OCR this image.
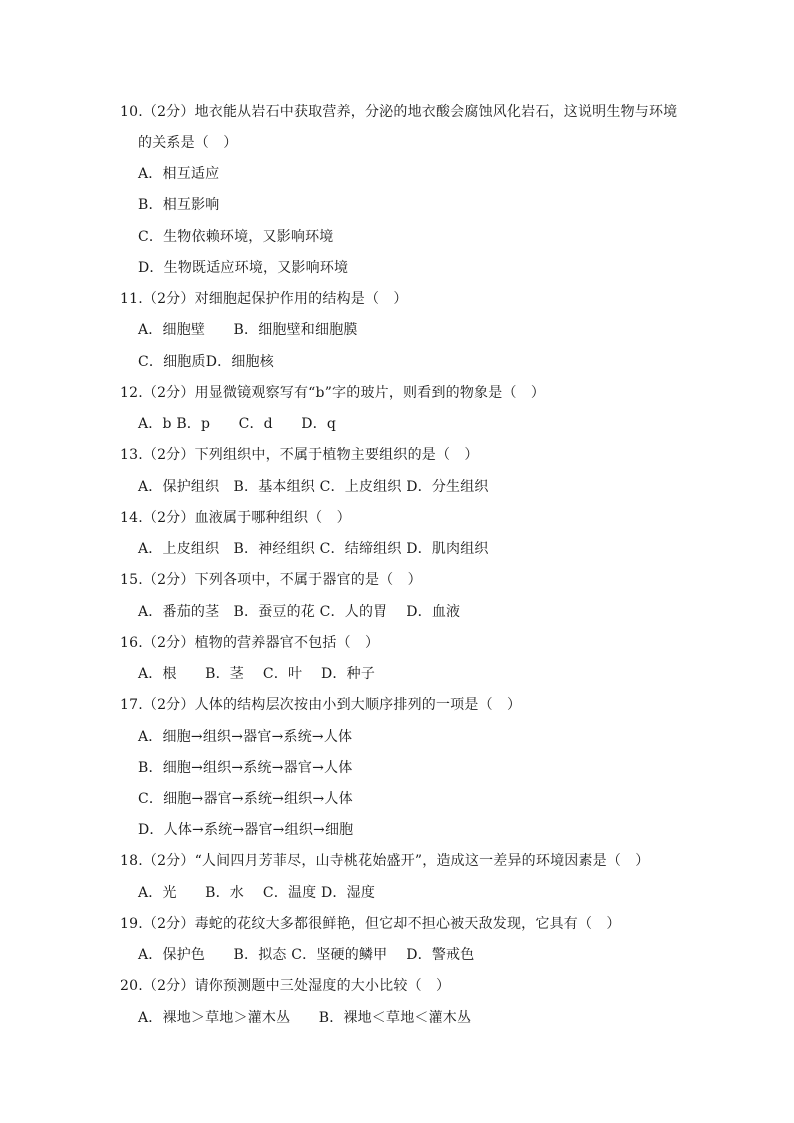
10.（2分）地衣能从岩石中获取营养，分泌的地衣酸会腐蚀风化岩石，这说明生物与环境
的关系是（　）
A．相互适应
B．相互影响
C．生物依赖环境，又影响环境
D．生物既适应环境，又影响环境
11.（2分）对细胞起保护作用的结构是（　）
A．细胞壁　　B．细胞壁和细胞膜
C．细胞质D．细胞核
12.（2分）用显微镜观察写有“b”字的玻片，则看到的物象是（　）
A．b B．p　　C．d　　D．q
13.（2分）下列组织中，不属于植物主要组织的是（　）
A．保护组织　B．基本组织 C．上皮组织 D．分生组织
14.（2分）血液属于哪种组织（　）
A．上皮组织　B．神经组织 C．结缔组织 D．肌肉组织
15.（2分）下列各项中，不属于器官的是（　）
A．番茄的茎　B．蚕豆的花 C．人的胃　 D．血液
16.（2分）植物的营养器官不包括（　）
A．根　　B．茎　 C．叶　 D．种子
17.（2分）人体的结构层次按由小到大顺序排列的一项是（　）
A．细胞→组织→器官→系统→人体
B．细胞→组织→系统→器官→人体
C．细胞→器官→系统→组织→人体
D．人体→系统→器官→组织→细胞
18.（2分）“人间四月芳菲尽，山寺桃花始盛开”，造成这一差异的环境因素是（　）
A．光　　B．水　 C．温度 D．湿度
19.（2分）毒蛇的花纹大多都很鲜艳，但它却不担心被天敌发现，它具有（　）
A．保护色　　B．拟态 C．坚硬的鳞甲　 D．警戒色
20.（2分）请你预测题中三处湿度的大小比较（　）
A．裸地＞草地＞灌木丛　　B．裸地＜草地＜灌木丛
